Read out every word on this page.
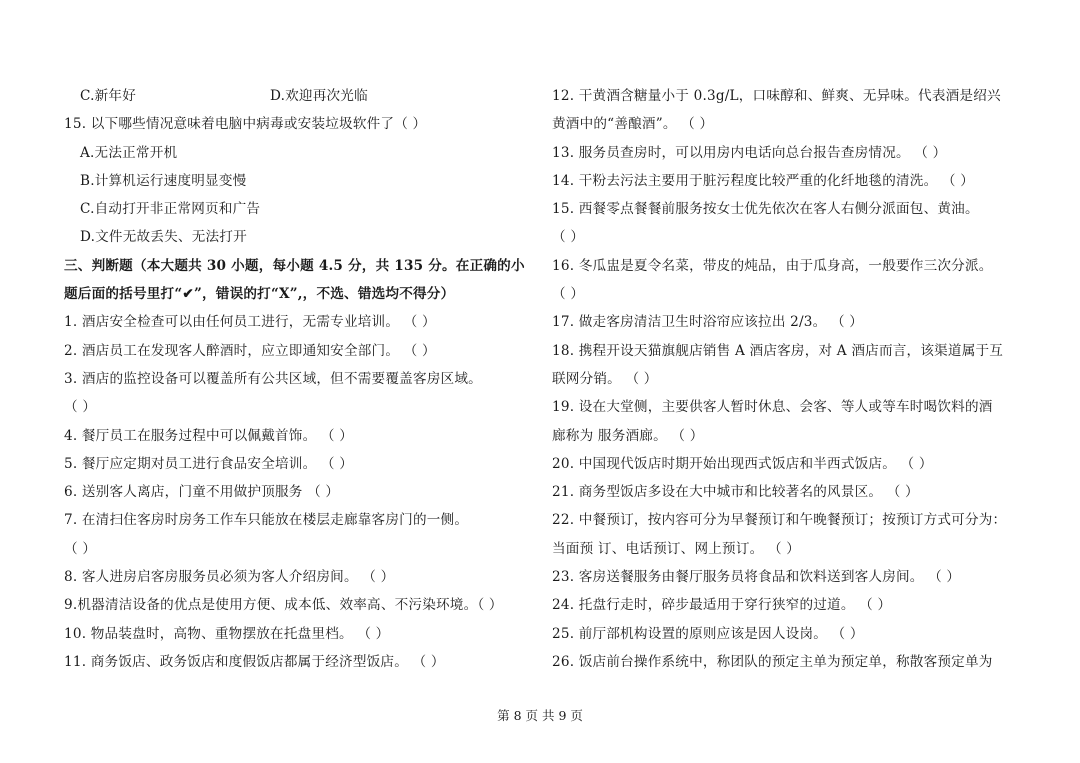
C.新年好	D.欢迎再次光临
15. 以下哪些情况意味着电脑中病毒或安装垃圾软件了（ ）
A.无法正常开机
B.计算机运行速度明显变慢
C.自动打开非正常网页和广告
D.文件无故丢失、无法打开
三、判断题（本大题共 30 小题，每小题 4.5 分，共 135 分。在正确的小
题后面的括号里打“✔”，错误的打“X”,，不选、错选均不得分）
1. 酒店安全检查可以由任何员工进行，无需专业培训。 （ ）
2. 酒店员工在发现客人醉酒时，应立即通知安全部门。 （ ）
3. 酒店的监控设备可以覆盖所有公共区域，但不需要覆盖客房区域。
（ ）
4. 餐厅员工在服务过程中可以佩戴首饰。 （ ）
5. 餐厅应定期对员工进行食品安全培训。 （ ）
6. 送别客人离店，门童不用做护顶服务 （ ）
7. 在清扫住客房时房务工作车只能放在楼层走廊靠客房门的一侧。
（ ）
8. 客人进房启客房服务员必须为客人介绍房间。 （ ）
9.机器清洁设备的优点是使用方便、成本低、效率高、不污染环境。（ ）
10. 物品装盘时，高物、重物摆放在托盘里档。 （ ）
11. 商务饭店、政务饭店和度假饭店都属于经济型饭店。 （ ）
12. 干黄酒含糖量小于 0.3g/L，口味醇和、鲜爽、无异味。代表酒是绍兴
黄酒中的“善酿酒”。 （ ）
13. 服务员查房时，可以用房内电话向总台报告查房情况。 （ ）
14. 干粉去污法主要用于脏污程度比较严重的化纤地毯的清洗。 （ ）
15. 西餐零点餐餐前服务按女士优先依次在客人右侧分派面包、黄油。
（ ）
16. 冬瓜盅是夏令名菜，带皮的炖品，由于瓜身高，一般要作三次分派。
（ ）
17. 做走客房清洁卫生时浴帘应该拉出 2/3。 （ ）
18. 携程开设天猫旗舰店销售 A 酒店客房，对 A 酒店而言，该渠道属于互
联网分销。 （ ）
19. 设在大堂侧，主要供客人暂时休息、会客、等人或等车时喝饮料的酒
廊称为 服务酒廊。 （ ）
20. 中国现代饭店时期开始出现西式饭店和半西式饭店。 （ ）
21. 商务型饭店多设在大中城市和比较著名的风景区。 （ ）
22. 中餐预订，按内容可分为早餐预订和午晚餐预订；按预订方式可分为：
当面预 订、电话预订、网上预订。 （ ）
23. 客房送餐服务由餐厅服务员将食品和饮料送到客人房间。 （ ）
24. 托盘行走时，碎步最适用于穿行狭窄的过道。 （ ）
25. 前厅部机构设置的原则应该是因人设岗。 （ ）
26. 饭店前台操作系统中，称团队的预定主单为预定单，称散客预定单为
第 8 页 共 9 页
